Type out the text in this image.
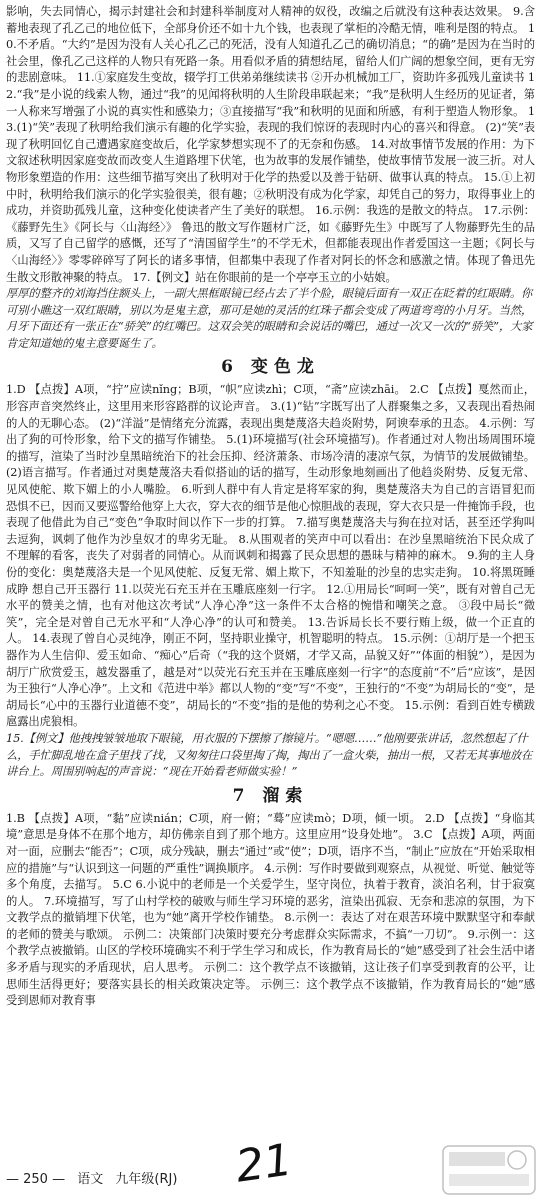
影响，失去同情心，揭示封建社会和封建科举制度对人精神的奴役，改编之后就没有这种表达效果。 9.含蓄地表现了孔乙己的地位低下，全部身价还不如十九个钱，也表现了掌柜的冷酷无情，唯利是图的特点。 10.不矛盾。“大约”是因为没有人关心孔乙己的死活，没有人知道孔乙己的确切消息；“的确”是因为在当时的社会里，像孔乙己这样的人物只有死路一条。用看似矛盾的猜想结尾，留给人们广阔的想象空间，更有无穷的悲剧意味。 11.①家庭发生变故，辍学打工供弟弟继续读书 ②开办机械加工厂，资助许多孤残儿童读书 12.“我”是小说的线索人物，通过“我”的见闻将秋明的人生阶段串联起来；“我”是秋明人生经历的见证者，第一人称来写增强了小说的真实性和感染力；③直接描写“我”和秋明的见面和所感，有利于塑造人物形象。 13.(1)“笑”表现了秋明给我们演示有趣的化学实验，表现的我们惊讶的表现时内心的喜兴和得意。 (2)“笑”表现了秋明回忆自己遭遇家庭变故后，化学家梦想实现不了的无奈和伤感。 14.对故事情节发展的作用：为下文叙述秋明因家庭变故而改变人生道路埋下伏笔，也为故事的发展作铺垫，使故事情节发展一波三折。对人物形象塑造的作用：这些细节描写突出了秋明对于化学的热爱以及善于钻研、做事认真的特点。 15.①上初中时，秋明给我们演示的化学实验很美，很有趣；②秋明没有成为化学家，却凭自己的努力，取得事业上的成功，并资助孤残儿童，这种变化使读者产生了美好的联想。 16.示例：我选的是散文的特点。 17.示例：《藤野先生》《阿长与〈山海经〉》 鲁迅的散文写作题材广泛，如《藤野先生》中既写了人物藤野先生的品质，又写了自己留学的感慨，还写了“清国留学生”的不学无术，但都能表现出作者爱国这一主题；《阿长与〈山海经〉》零零碎碎写了阿长的诸多事情，但都集中表现了作者对阿长的怀念和感激之情。体现了鲁迅先生散文形散神聚的特点。 17.【例文】站在你眼前的是一个亭亭玉立的小姑娘。

厚厚的整齐的刘海挡住额头上，一副大黑框眼镜已经占去了半个脸，眼镜后面有一双正在眨着的红眼睛。你可别小瞧这一双红眼睛，别以为是鬼主意，那可是她的灵活的红珠子都会变成了两道弯弯的小月牙。当然，月牙下面还有一张正在“骄笑”的红嘴巴。这双会笑的眼睛和会说话的嘴巴，通过一次又一次的“骄笑”，大家肯定知道她的鬼主意要诞生了。

6 变色龙

1.D 【点拨】A项，“拧”应读nǐng；B项，“帜”应读zhì；C项，“斋”应读zhāi。 2.C 【点拨】戛然而止，形容声音突然终止，这里用来形容路群的议论声音。 3.(1)“钻”字既写出了人群聚集之多，又表现出看热闹的人的无聊心态。 (2)“洋溢”是情绪充分流露，表现出奥楚蔑洛夫趋炎附势，阿谀奉承的丑态。 4.示例：写出了狗的可怜形象，给下文的描写作铺垫。 5.(1)环境描写(社会环境描写)。作者通过对人物出场周围环境的描写，渲染了当时沙皇黑暗统治下的社会压抑、经济萧条、市场冷清的凄凉气氛，为情节的发展做铺垫。 (2)语言描写。作者通过对奥楚蔑洛夫看似搭讪的话的描写，生动形象地刻画出了他趋炎附势、反复无常、见风使舵、欺下媚上的小人嘴脸。 6.听到人群中有人肯定是将军家的狗，奥楚蔑洛夫为自己的言语冒犯而恐惧不已，因而又要巡警给他穿上大衣，穿大衣的细节是他心惊胆战的表现，穿大衣只是一件掩饰手段，也表现了他借此为自己“变色”争取时间以作下一步的打算。 7.描写奥楚蔑洛夫与狗在拉对话，甚至还学狗叫去逗狗，讽刺了他作为沙皇奴才的卑劣无耻。 8.从围观者的笑声中可以看出：在沙皇黑暗统治下民众成了不理解的看客，丧失了对弱者的同情心。从而讽刺和揭露了民众思想的愚昧与精神的麻木。 9.狗的主人身份的变化：奥楚蔑洛夫是一个见风使舵、反复无常、媚上欺下，不知羞耻的沙皇的忠实走狗。 10.将黑斑睡成睁 想自己开玉器行 11.以荧光石充玉并在玉雕底座刻一行字。 12.①用局长“呵呵一笑”，既有对曾自己无水平的赞美之情，也有对他这次考试“人净心净”这一条件不太合格的惋惜和嘲笑之意。 ③段中局长“微笑”，完全是对曾自己无水平和“人净心净”的认可和赞美。 13.告诉局长长不要行贿上级，做一个正直的人。 14.表现了曾自心灵纯净，刚正不阿，坚持职业操守，机智聪明的特点。 15.示例：①胡厅是一个把玉器作为人生信仰、爱玉如命、“痴心”后奇（“我的这个贤婿，才学又高，品貌又好”“体面的相貌”），是因为胡厅广欣赏爱玉，越发器重了，越是对“以荧光石充玉并在玉雕底座刻一行字”的态度前“不”后“应该”，是因为王独行“人净心净”。上文和《范进中举》都以人物的“变”写“不变”，王独行的“不变”为胡局长的“变”，是胡局长“心中的玉器行业道德不变”，胡局长的“不变”指的是他的势利之心不变。 15.示例：看到百姓专横跋扈露出虎狼相。

15.【例文】他拽拽皱皱地取下眼镜，用衣服的下摆擦了擦镜片。“嗯嗯……”他刚要张讲话，忽然想起了什么，手忙脚乱地在盒子里找了找，又匆匆往口袋里掏了掏，掏出了一盒火柴，抽出一根，又若无其事地放在讲台上。周围别响起的声音说：“现在开始看老师做实验！”

7 溜索

1.B 【点拨】A项，“黏”应读nián；C项，府一俯；“蓦”应读mò；D项，倾一顷。 2.D 【点拨】“身临其境”意思是身体不在那个地方，却仿佛亲自到了那个地方。这里应用“设身处地”。 3.C 【点拨】A项，两面对一面，应删去“能否”；C项，成分残缺，删去“通过”或“使”；D项，语序不当，“制止”应放在“开始采取相应的措施”与“认识到这一问题的严重性”调换顺序。 4.示例：写作时要做到观察点，从视觉、听觉、触觉等多个角度，去描写。 5.C 6.小说中的老师是一个关爱学生，坚守岗位，执着于教育，淡泊名利，甘于寂寞的人。 7.环境描写，写了山村学校的破败与师生学习环境的恶劣，渲染出孤寂、无奈和悲凉的氛围，为下文教学点的撤销埋下伏笔，也为“她”离开学校作铺垫。 8.示例一：表达了对在艰苦环境中默默坚守和奉献的老师的赞美与歌颂。 示例二：决策部门决策时要充分考虑群众实际需求，不搞“一刀切”。 9.示例一：这个教学点被撤销。山区的学校环境确实不利于学生学习和成长，作为教育局长的“她”感受到了社会生活中诸多矛盾与现实的矛盾现状，启人思考。 示例二：这个教学点不该撤销，这让孩子们享受到教育的公平，让思师生活得更好；要落实县长的相关政策决定等。 示例三：这个教学点不该撤销，作为教育局长的“她”感受到恩师对教育事

— 250 — 语文 九年级(RJ) 21
